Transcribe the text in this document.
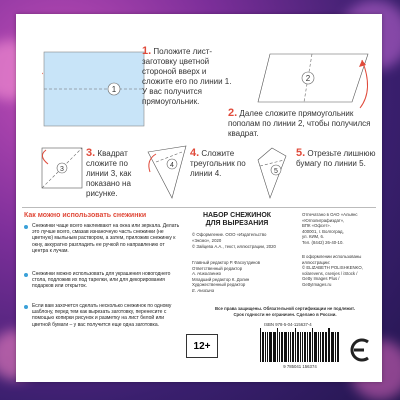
1
1. Положите лист-заготовку цветной стороной вверх и сложите его по линии 1. У вас получится прямоугольник.
2
2. Далее сложите прямоугольник пополам по линии 2, чтобы получился квадрат.
3
3. Квадрат сложите по линии 3, как показано на рисунке.
4
4. Сложите треугольник по линии 4.	5
5. Отрезьте лишнюю бумагу по линии 5.
Как можно использовать снежинки
Снежинки чаще всего наклеивают на окна или зеркала. Делать это лучше всего, смазав изнаночную часть снежинки (не цветную) мыльным раствором, а затем, приложив снежинку к окну, аккуратно разгладить ее ручкой по направлению от центра к лучам.
Снежинки можно использовать для украшения новогоднего стола, подложив их под тарелки, или для декорирования подарков или открыток.
Если вам захочется сделать несколько снежинок по одному шаблону, перед тем как вырезать заготовку, перенесите с помощью копирки рисунок и разметку на лист белой или цветной бумаги – у вас получится еще одна заготовка.
НАБОР СНЕЖИНОК
ДЛЯ ВЫРЕЗАНИЯ
© Оформление. ООО «Издательство «Эксмо», 2020
© Зайцева А.А., текст, иллюстрации, 2020
Главный редактор Р. Фасхутдинов
Ответственный редактор
А. Николаенко
Младший редактор К. Долин
Художественный редактор
Е. Анисина
Отпечатано в ОАО «Альянс
«Югполиграфиздат»,
ВПК «Офсет».
400001, г. Волгоград,
ул. КИМ, 6.
Тел. (8442) 26-40-10.
В оформлении использованы
иллюстрации:
© ELIZABETH POLISHKENKO,
volarevens, csenjes / iStock /
Getty Images Plus /
GettyImages.ru
Все права защищены. Обязательной сертификации не подлежит.
Срок годности не ограничен. Сделано в России.
ISBN 978-5-04-115637-4
12+
9 785041 156374
